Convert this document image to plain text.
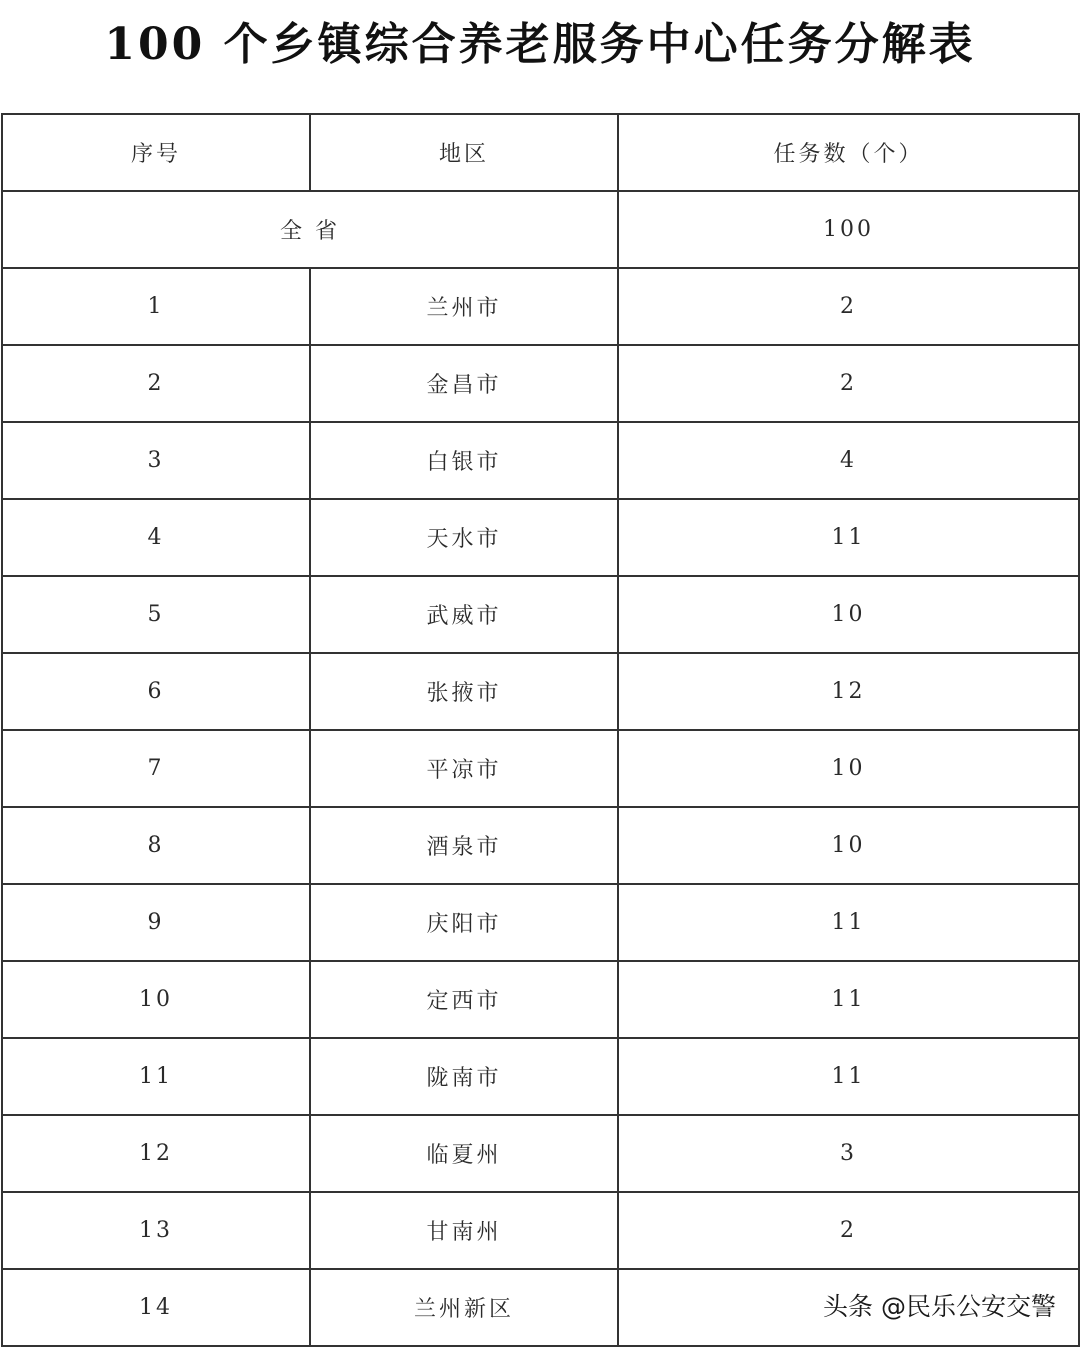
100 个乡镇综合养老服务中心任务分解表
序号	地区	任务数（个）
全 省		100
1	兰州市	2
2	金昌市	2
3	白银市	4
4	天水市	11
5	武威市	10
6	张掖市	12
7	平凉市	10
8	酒泉市	10
9	庆阳市	11
10	定西市	11
11	陇南市	11
12	临夏州	3
13	甘南州	2
14	兰州新区		头条 @民乐公安交警
